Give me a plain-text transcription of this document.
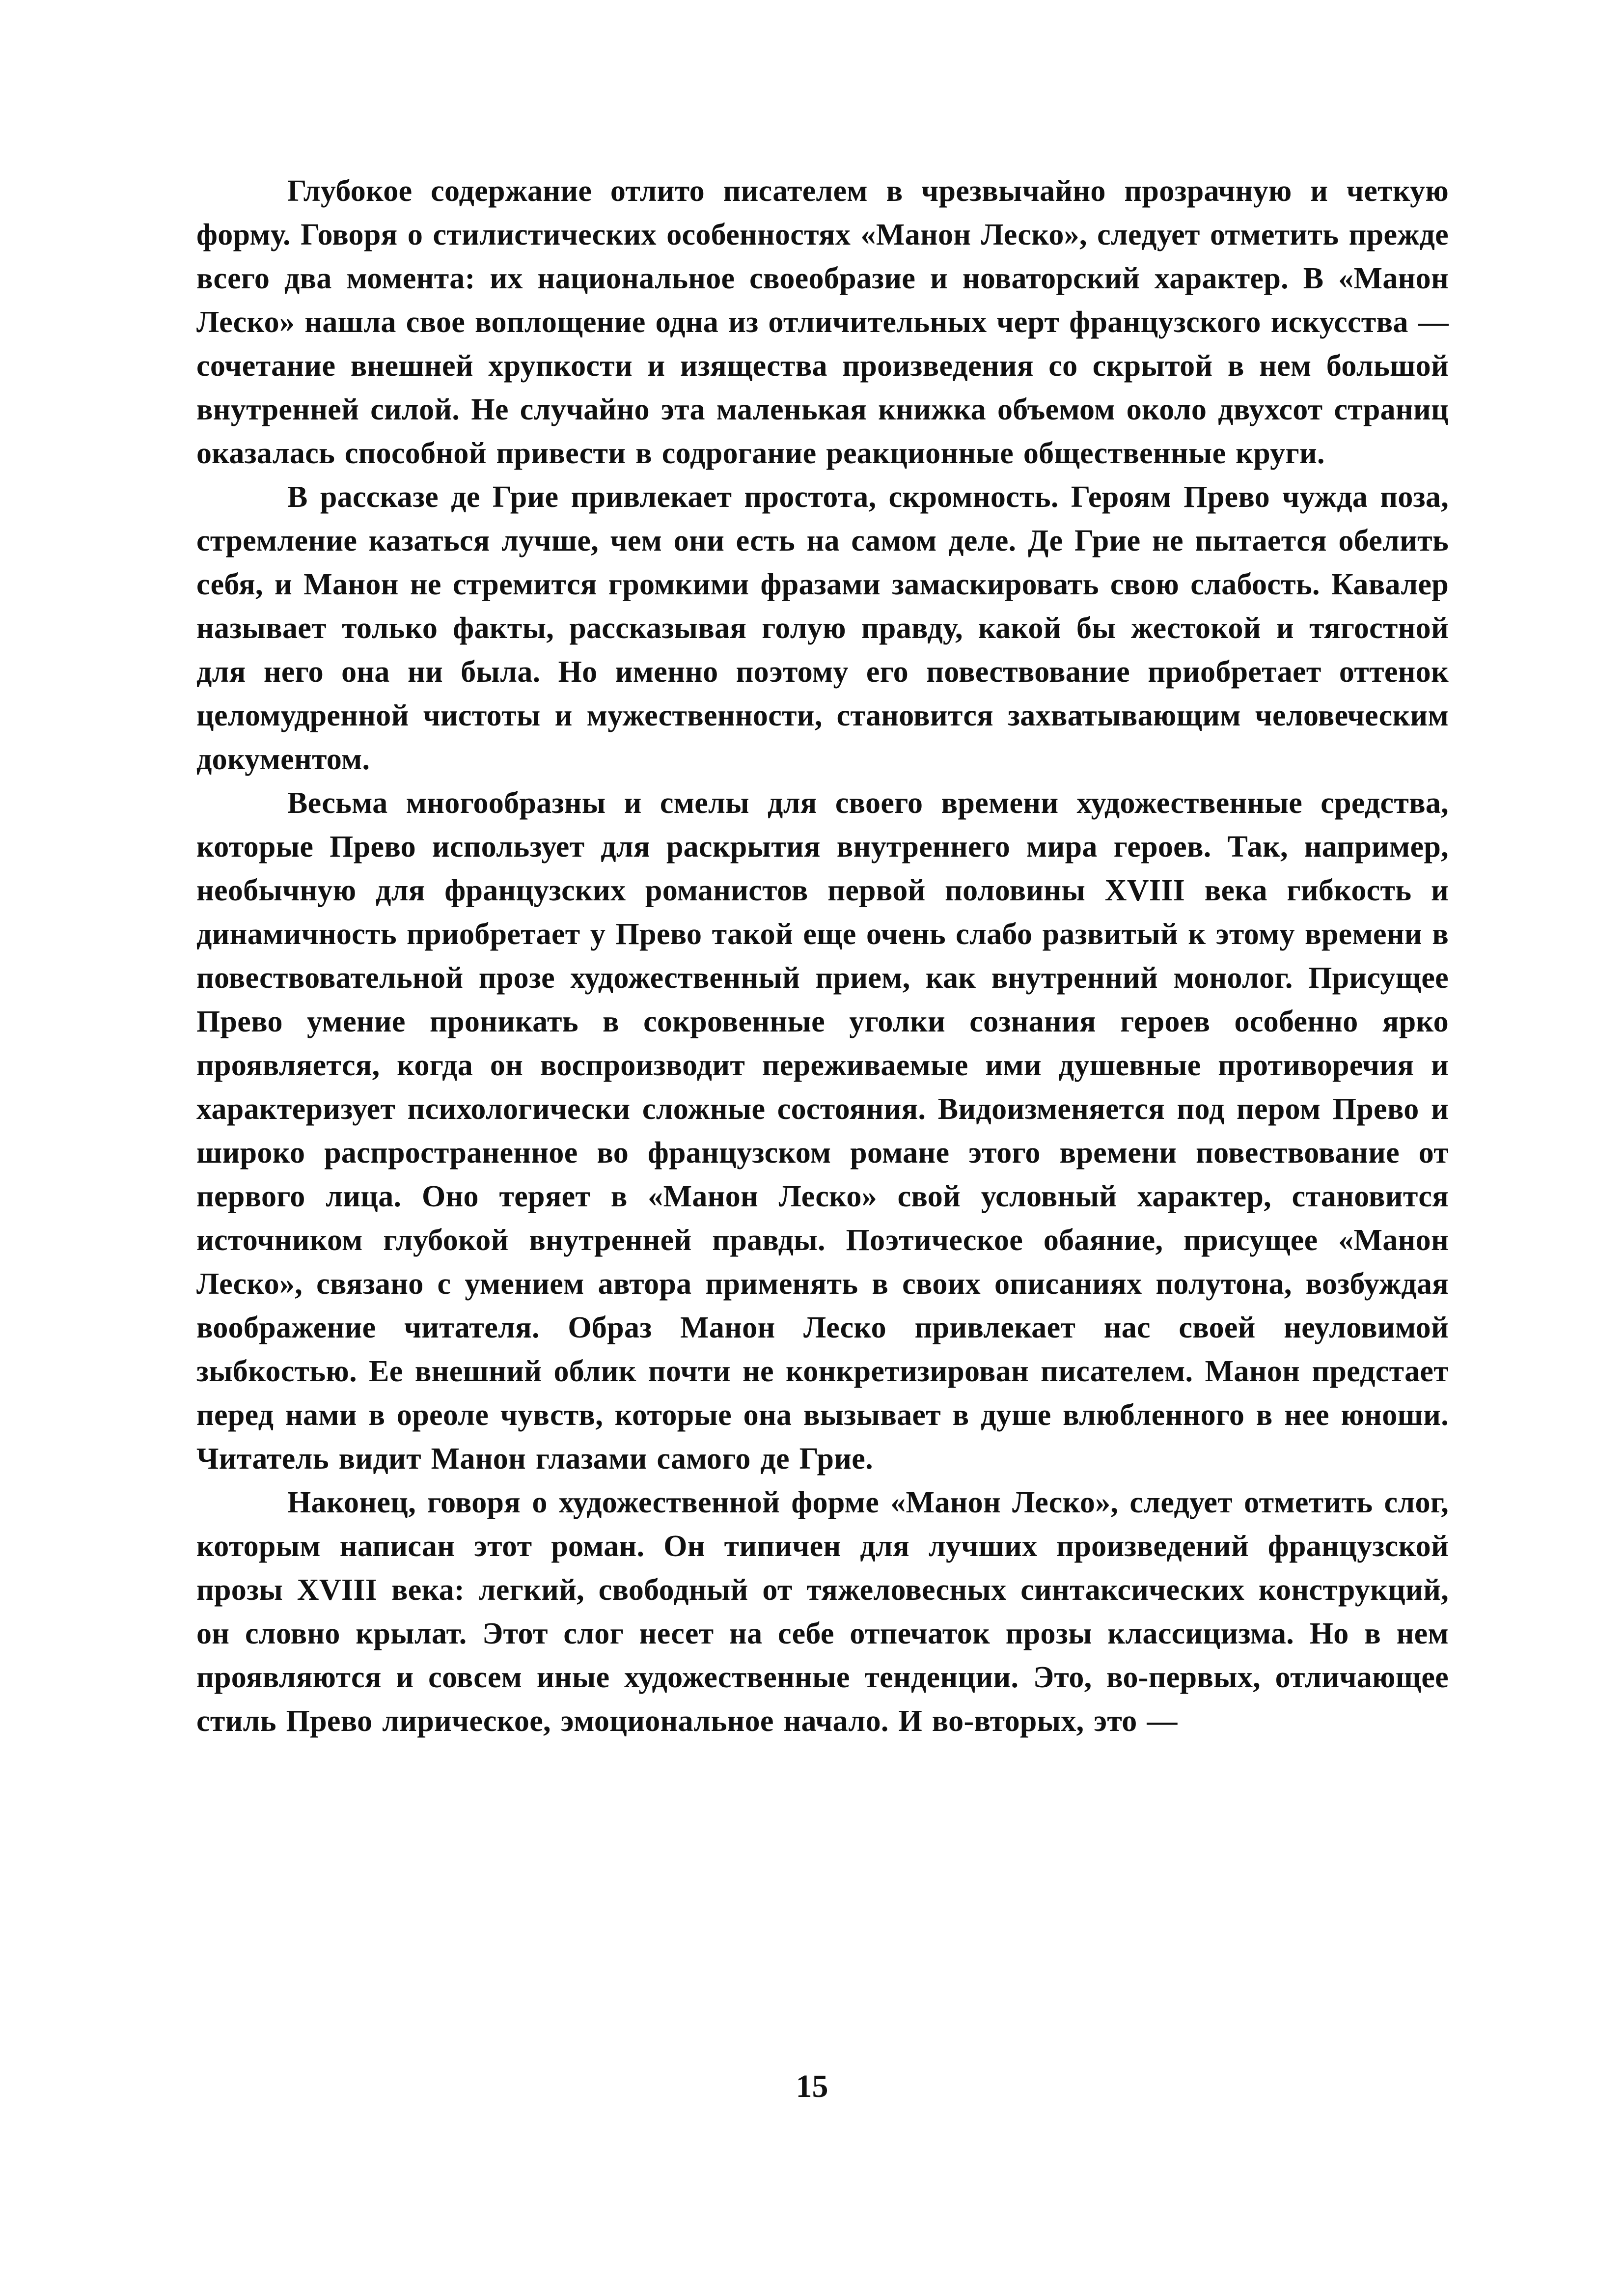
Глубокое содержание отлито писателем в чрезвычайно прозрачную и четкую форму. Говоря о стилистических особенностях «Манон Леско», следует отметить прежде всего два момента: их национальное своеобразие и новаторский характер. В «Манон Леско» нашла свое воплощение одна из отличительных черт французского искусства — сочетание внешней хрупкости и изящества произведения со скрытой в нем большой внутренней силой. Не случайно эта маленькая книжка объемом около двухсот страниц оказалась способной привести в содрогание реакционные общественные круги.

В рассказе де Грие привлекает простота, скромность. Героям Прево чужда поза, стремление казаться лучше, чем они есть на самом деле. Де Грие не пытается обелить себя, и Манон не стремится громкими фразами замаскировать свою слабость. Кавалер называет только факты, рассказывая голую правду, какой бы жестокой и тягостной для него она ни была. Но именно поэтому его повествование приобретает оттенок целомудренной чистоты и мужественности, становится захватывающим человеческим документом.

Весьма многообразны и смелы для своего времени художественные средства, которые Прево использует для раскрытия внутреннего мира героев. Так, например, необычную для французских романистов первой половины XVIII века гибкость и динамичность приобретает у Прево такой еще очень слабо развитый к этому времени в повествовательной прозе художественный прием, как внутренний монолог. Присущее Прево умение проникать в сокровенные уголки сознания героев особенно ярко проявляется, когда он воспроизводит переживаемые ими душевные противоречия и характеризует психологически сложные состояния. Видоизменяется под пером Прево и широко распространенное во французском романе этого времени повествование от первого лица. Оно теряет в «Манон Леско» свой условный характер, становится источником глубокой внутренней правды. Поэтическое обаяние, присущее «Манон Леско», связано с умением автора применять в своих описаниях полутона, возбуждая воображение читателя. Образ Манон Леско привлекает нас своей неуловимой зыбкостью. Ее внешний облик почти не конкретизирован писателем. Манон предстает перед нами в ореоле чувств, которые она вызывает в душе влюбленного в нее юноши. Читатель видит Манон глазами самого де Грие.

Наконец, говоря о художественной форме «Манон Леско», следует отметить слог, которым написан этот роман. Он типичен для лучших произведений французской прозы XVIII века: легкий, свободный от тяжеловесных синтаксических конструкций, он словно крылат. Этот слог несет на себе отпечаток прозы классицизма. Но в нем проявляются и совсем иные художественные тенденции. Это, во-первых, отличающее стиль Прево лирическое, эмоциональное начало. И во-вторых, это —

15
